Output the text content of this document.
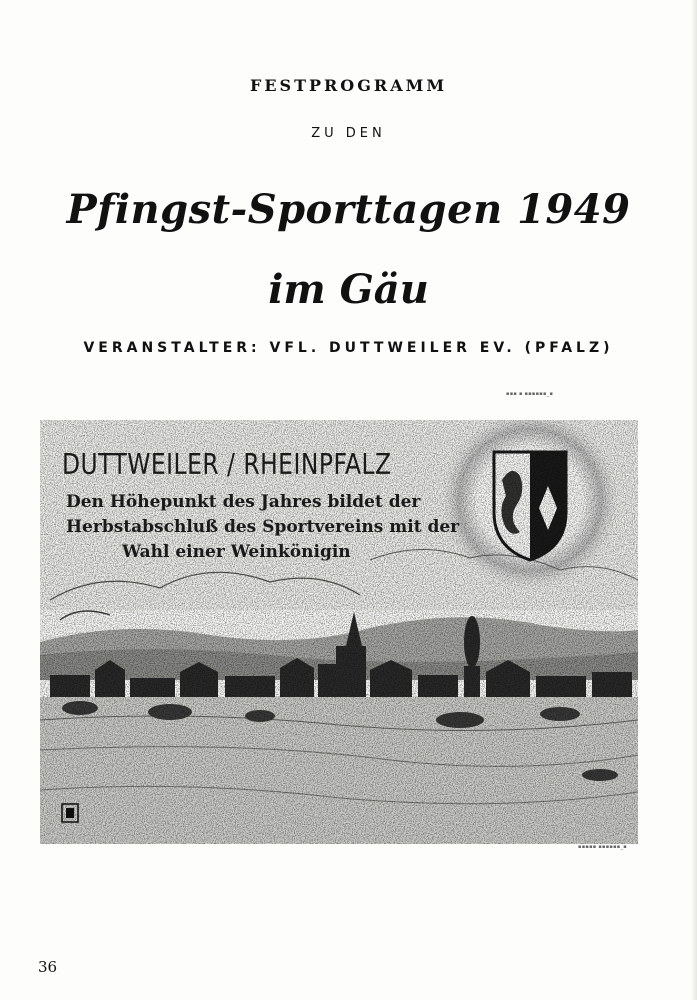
FESTPROGRAMM
ZU DEN
Pfingst-Sporttagen 1949
im Gäu
VERANSTALTER: VFL. DUTTWEILER EV. (PFALZ)
▪▪▪ ▪ ▪▪▪▪▪▪_▪
DUTTWEILER / RHEINPFALZ
Den Höhepunkt des Jahres bildet der
Herbstabschluß des Sportvereins mit der
Wahl einer Weinkönigin
▪▪▪▪▪ ▪▪▪▪▪▪_▪
36
